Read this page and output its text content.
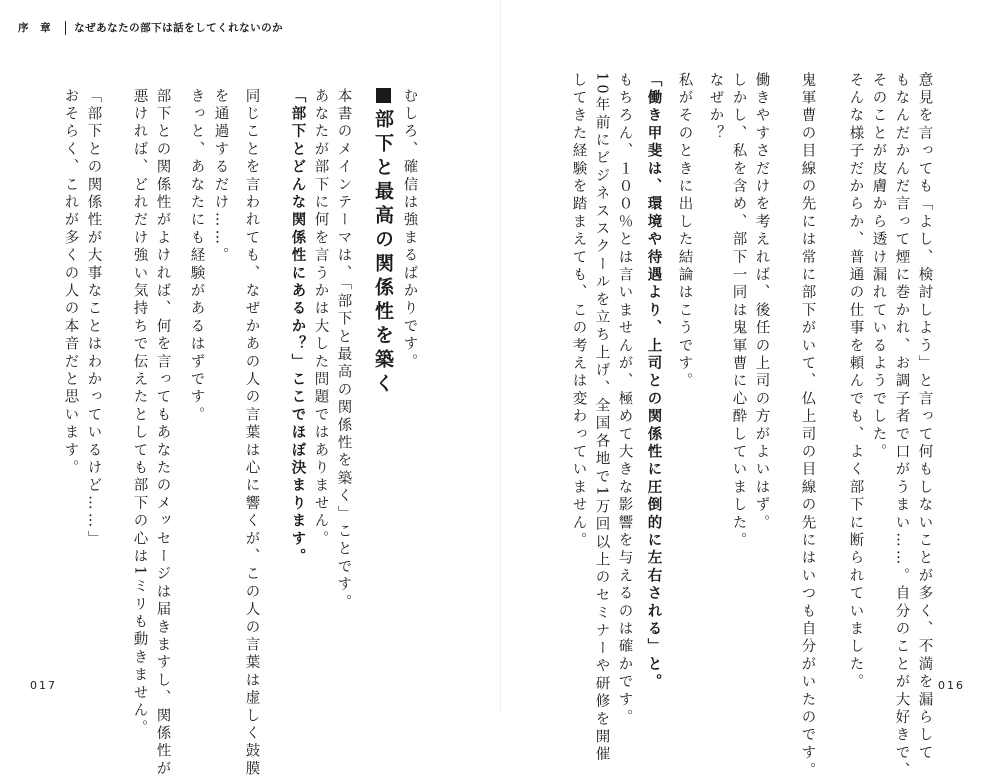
序 章	なぜあなたの部下は話をしてくれないのか
意見を言っても「よし、検討しよう」と言って何もしないことが多く、不満を漏らして
もなんだかんだ言って煙に巻かれ、お調子者で口がうまい……。自分のことが大好きで、
そのことが皮膚から透け漏れているようでした。
そんな様子だからか、普通の仕事を頼んでも、よく部下に断られていました。
鬼軍曹の目線の先には常に部下がいて、仏上司の目線の先にはいつも自分がいたのです。
働きやすさだけを考えれば、後任の上司の方がよいはず。
しかし、私を含め、部下一同は鬼軍曹に心酔していました。
なぜか？
私がそのときに出した結論はこうです。
「働き甲斐は、環境や待遇より、上司との関係性に圧倒的に左右される」と。
もちろん、１００％とは言いませんが、極めて大きな影響を与えるのは確かです。
10年前にビジネススクールを立ち上げ、全国各地で1万回以上のセミナーや研修を開催
してきた経験を踏まえても、この考えは変わっていません。
むしろ、確信は強まるばかりです。
部下と最高の関係性を築く
本書のメインテーマは、「部下と最高の関係性を築く」ことです。
あなたが部下に何を言うかは大した問題ではありません。
「部下とどんな関係性にあるか？」ここでほぼ決まります。
同じことを言われても、なぜかあの人の言葉は心に響くが、この人の言葉は虚しく鼓膜
を通過するだけ……。
きっと、あなたにも経験があるはずです。
部下との関係性がよければ、何を言ってもあなたのメッセージは届きますし、関係性が
悪ければ、どれだけ強い気持ちで伝えたとしても部下の心は1ミリも動きません。
「部下との関係性が大事なことはわかっているけど……」
おそらく、これが多くの人の本音だと思います。
017	016
